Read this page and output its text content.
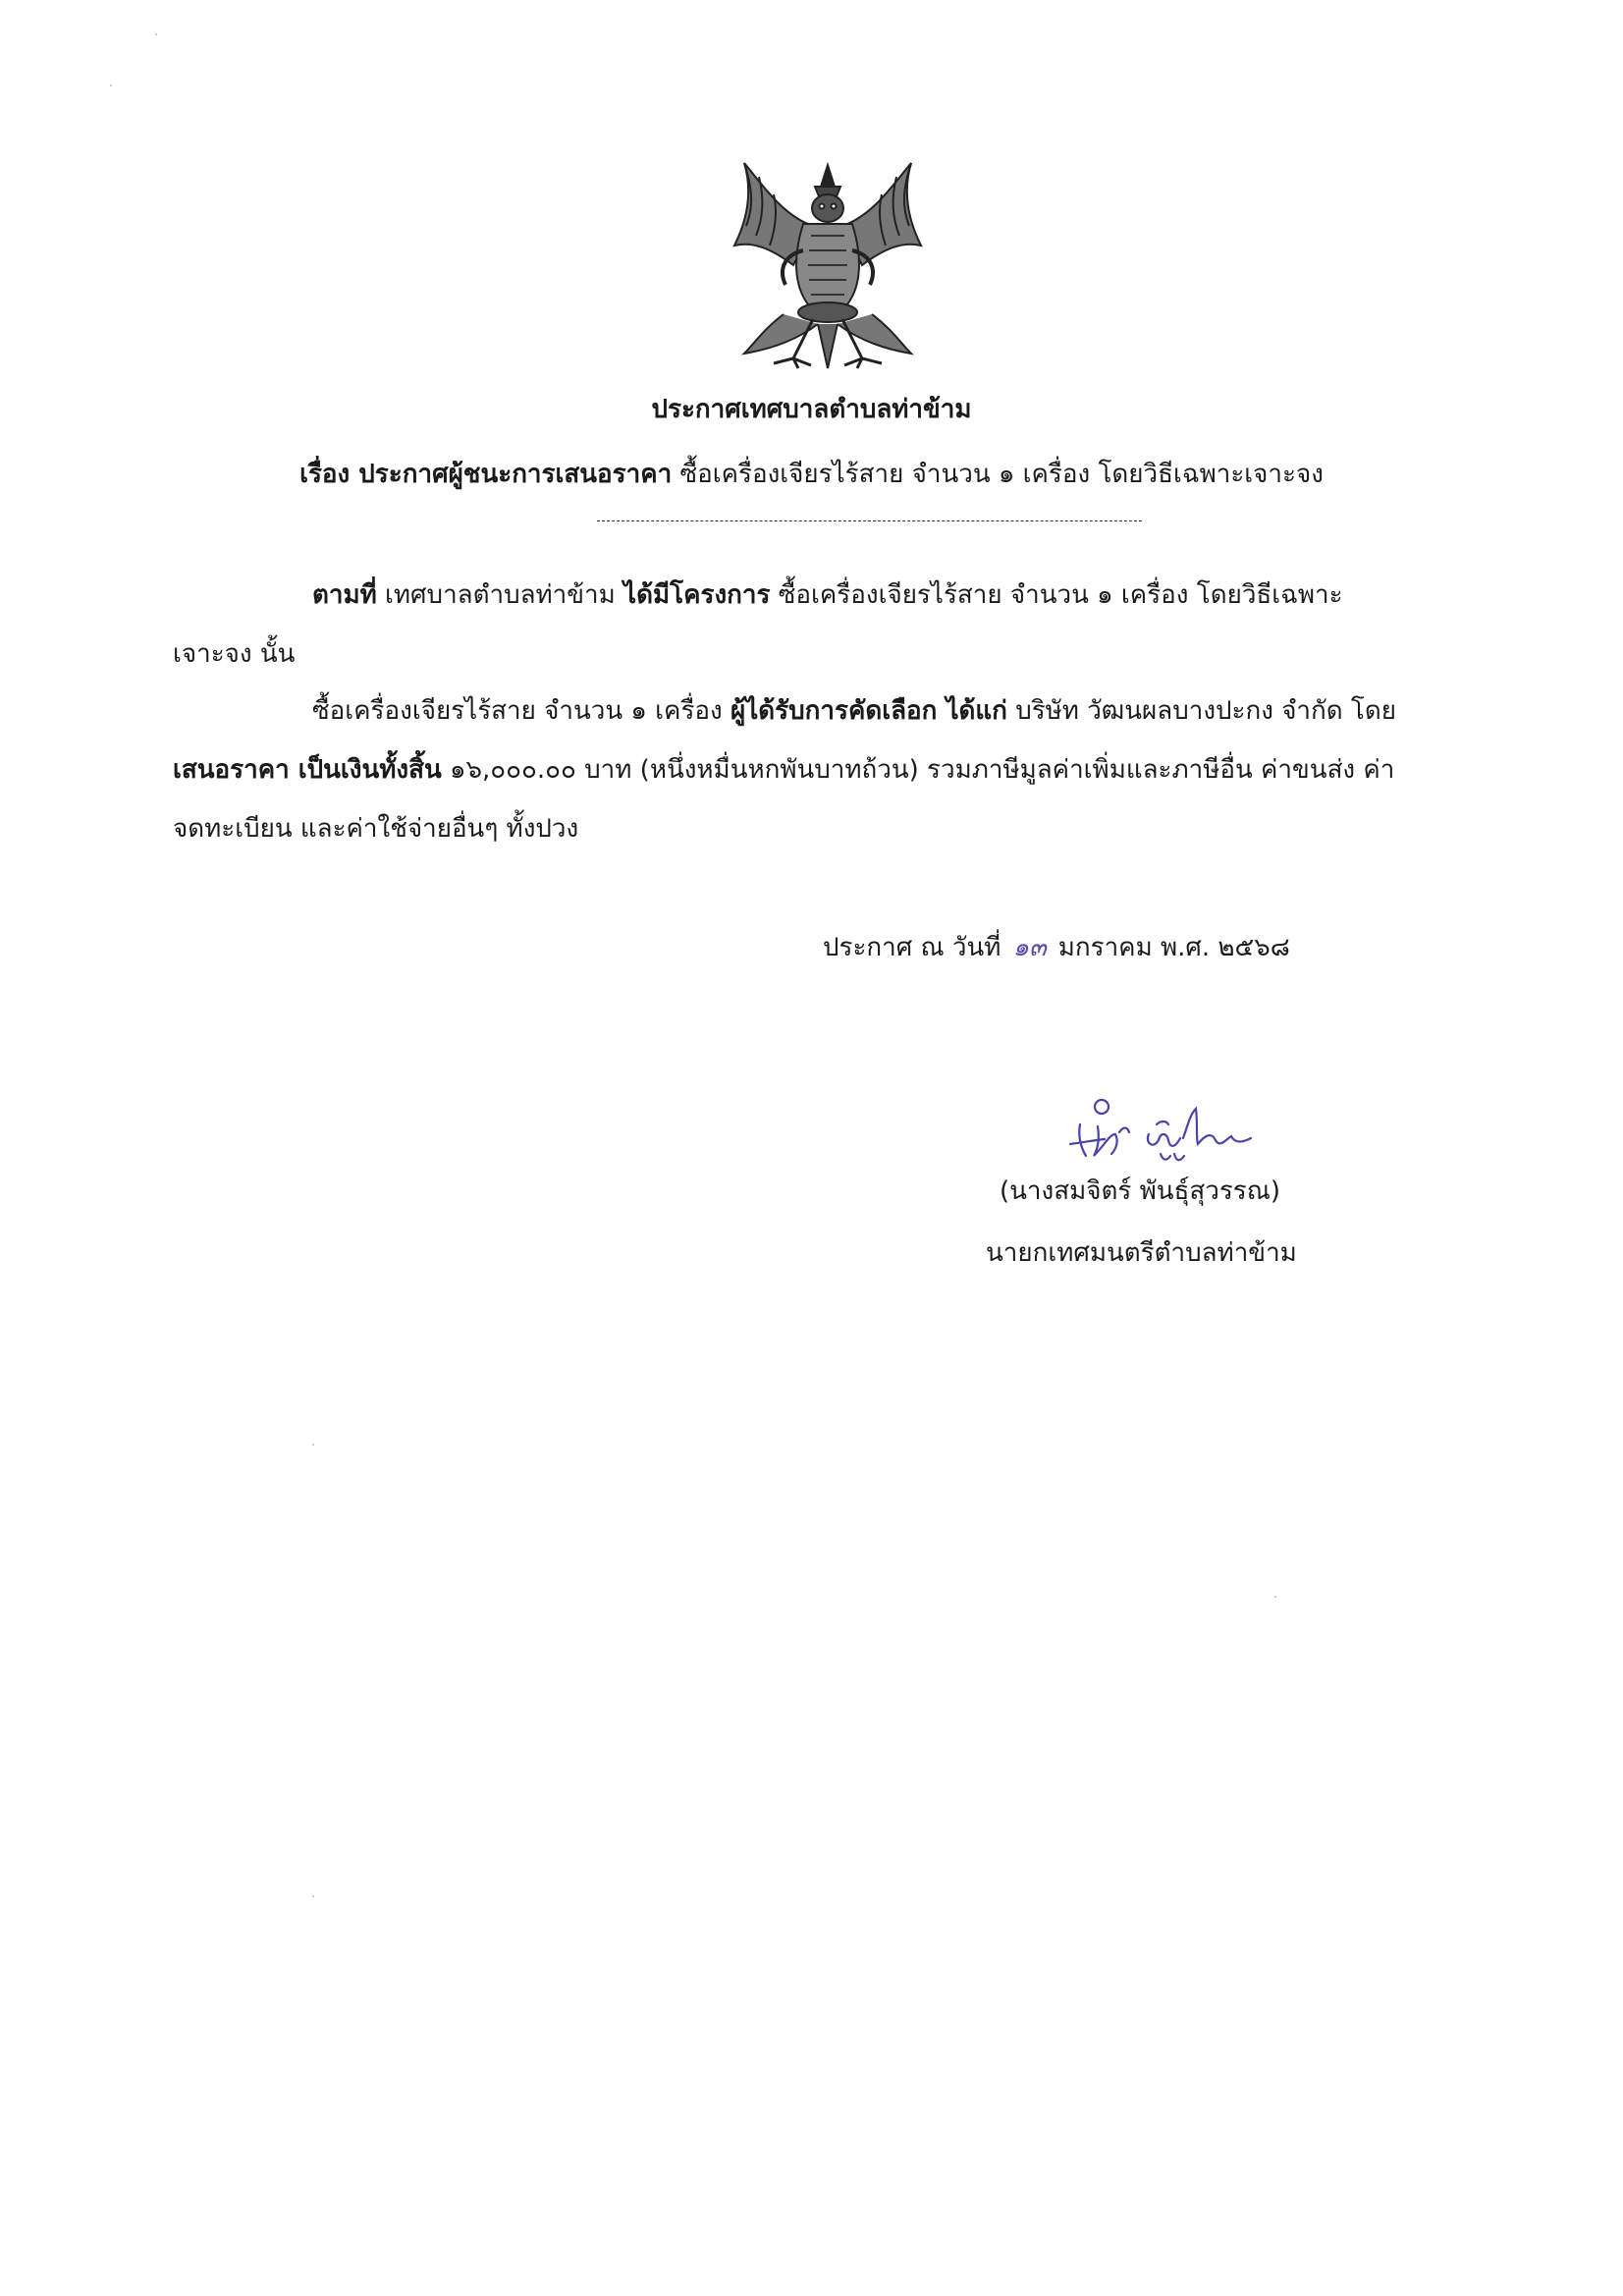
ประกาศเทศบาลตำบลท่าข้าม
เรื่อง ประกาศผู้ชนะการเสนอราคา ซื้อเครื่องเจียรไร้สาย จำนวน ๑ เครื่อง โดยวิธีเฉพาะเจาะจง
ตามที่ เทศบาลตำบลท่าข้าม ได้มีโครงการ ซื้อเครื่องเจียรไร้สาย จำนวน ๑ เครื่อง โดยวิธีเฉพาะ
เจาะจง นั้น
ซื้อเครื่องเจียรไร้สาย จำนวน ๑ เครื่อง ผู้ได้รับการคัดเลือก ได้แก่ บริษัท วัฒนผลบางปะกง จำกัด โดย
เสนอราคา เป็นเงินทั้งสิ้น ๑๖,๐๐๐.๐๐ บาท (หนึ่งหมื่นหกพันบาทถ้วน) รวมภาษีมูลค่าเพิ่มและภาษีอื่น ค่าขนส่ง ค่า
จดทะเบียน และค่าใช้จ่ายอื่นๆ ทั้งปวง
ประกาศ ณ วันที่ ๑๓ มกราคม พ.ศ. ๒๕๖๘
(นางสมจิตร์ พันธุ์สุวรรณ)
นายกเทศมนตรีตำบลท่าข้าม
